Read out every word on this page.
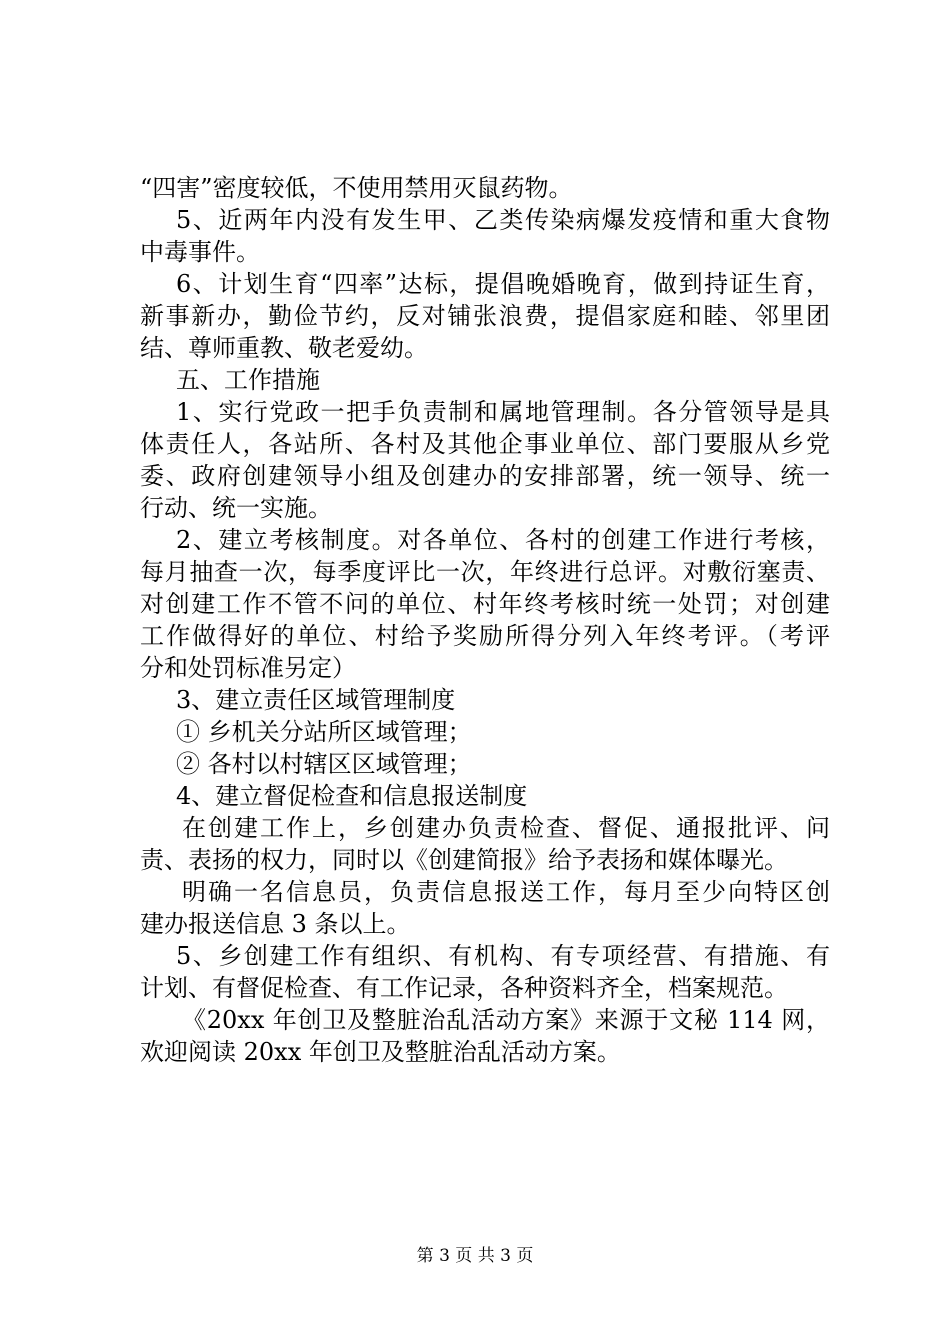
“四害”密度较低，不使用禁用灭鼠药物。
5、近两年内没有发生甲、乙类传染病爆发疫情和重大食物
中毒事件。
6、计划生育“四率”达标，提倡晚婚晚育，做到持证生育，
新事新办，勤俭节约，反对铺张浪费，提倡家庭和睦、邻里团
结、尊师重教、敬老爱幼。
五、工作措施
1、实行党政一把手负责制和属地管理制。各分管领导是具
体责任人，各站所、各村及其他企事业单位、部门要服从乡党
委、政府创建领导小组及创建办的安排部署，统一领导、统一
行动、统一实施。
2、建立考核制度。对各单位、各村的创建工作进行考核，
每月抽查一次，每季度评比一次，年终进行总评。对敷衍塞责、
对创建工作不管不问的单位、村年终考核时统一处罚；对创建
工作做得好的单位、村给予奖励所得分列入年终考评。（考评
分和处罚标准另定）
3、建立责任区域管理制度
① 乡机关分站所区域管理；
② 各村以村辖区区域管理；
4、建立督促检查和信息报送制度
在创建工作上，乡创建办负责检查、督促、通报批评、问
责、表扬的权力，同时以《创建简报》给予表扬和媒体曝光。
明确一名信息员，负责信息报送工作，每月至少向特区创
建办报送信息 3 条以上。
5、乡创建工作有组织、有机构、有专项经营、有措施、有
计划、有督促检查、有工作记录，各种资料齐全，档案规范。
《20xx 年创卫及整脏治乱活动方案》来源于文秘 114 网，
欢迎阅读 20xx 年创卫及整脏治乱活动方案。
第 3 页 共 3 页
